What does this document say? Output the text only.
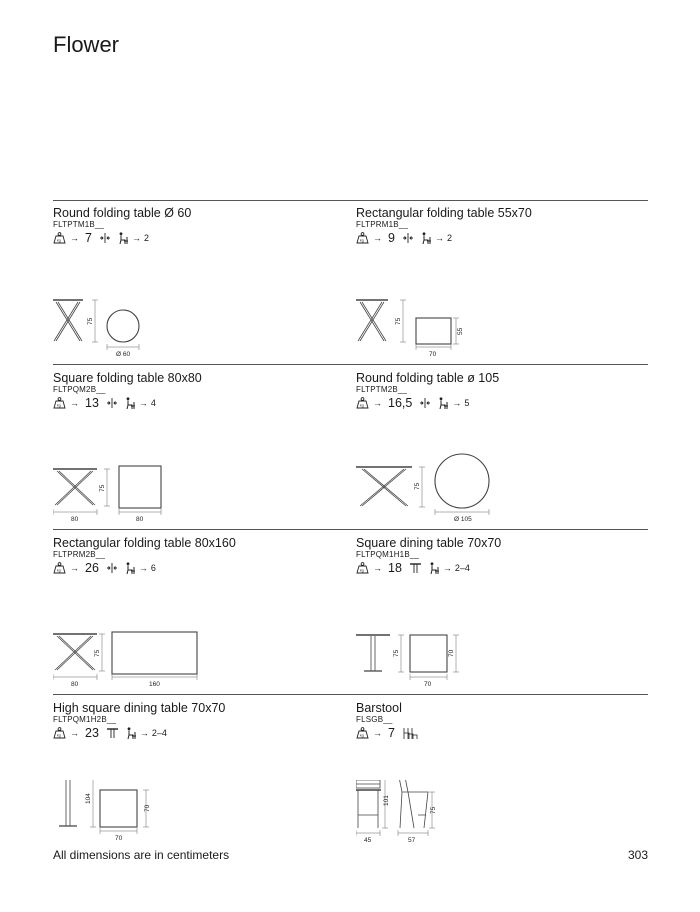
Flower
Round folding table Ø 60
FLTPTM1B__
kg → 7	→ 2
75
Ø 60
Rectangular folding table 55x70
FLTPRM1B__
kg → 9	→ 2
75
70
55
Square folding table 80x80
FLTPQM2B__
kg → 13	→ 4
80
75
80
Round folding table ø 105
FLTPTM2B__
kg → 16,5	→ 5
75
Ø 105
Rectangular folding table 80x160
FLTPRM2B__
kg → 26	→ 6
80
75
160
Square dining table 70x70
FLTPQM1H1B__
kg → 18	→ 2–4
75	70
70
High square dining table 70x70
FLTPQM1H2B__
kg → 23	→ 2–4
104
70
70
Barstool
FLSGB__
kg → 7
101
45
75
57
All dimensions are in centimeters	303
